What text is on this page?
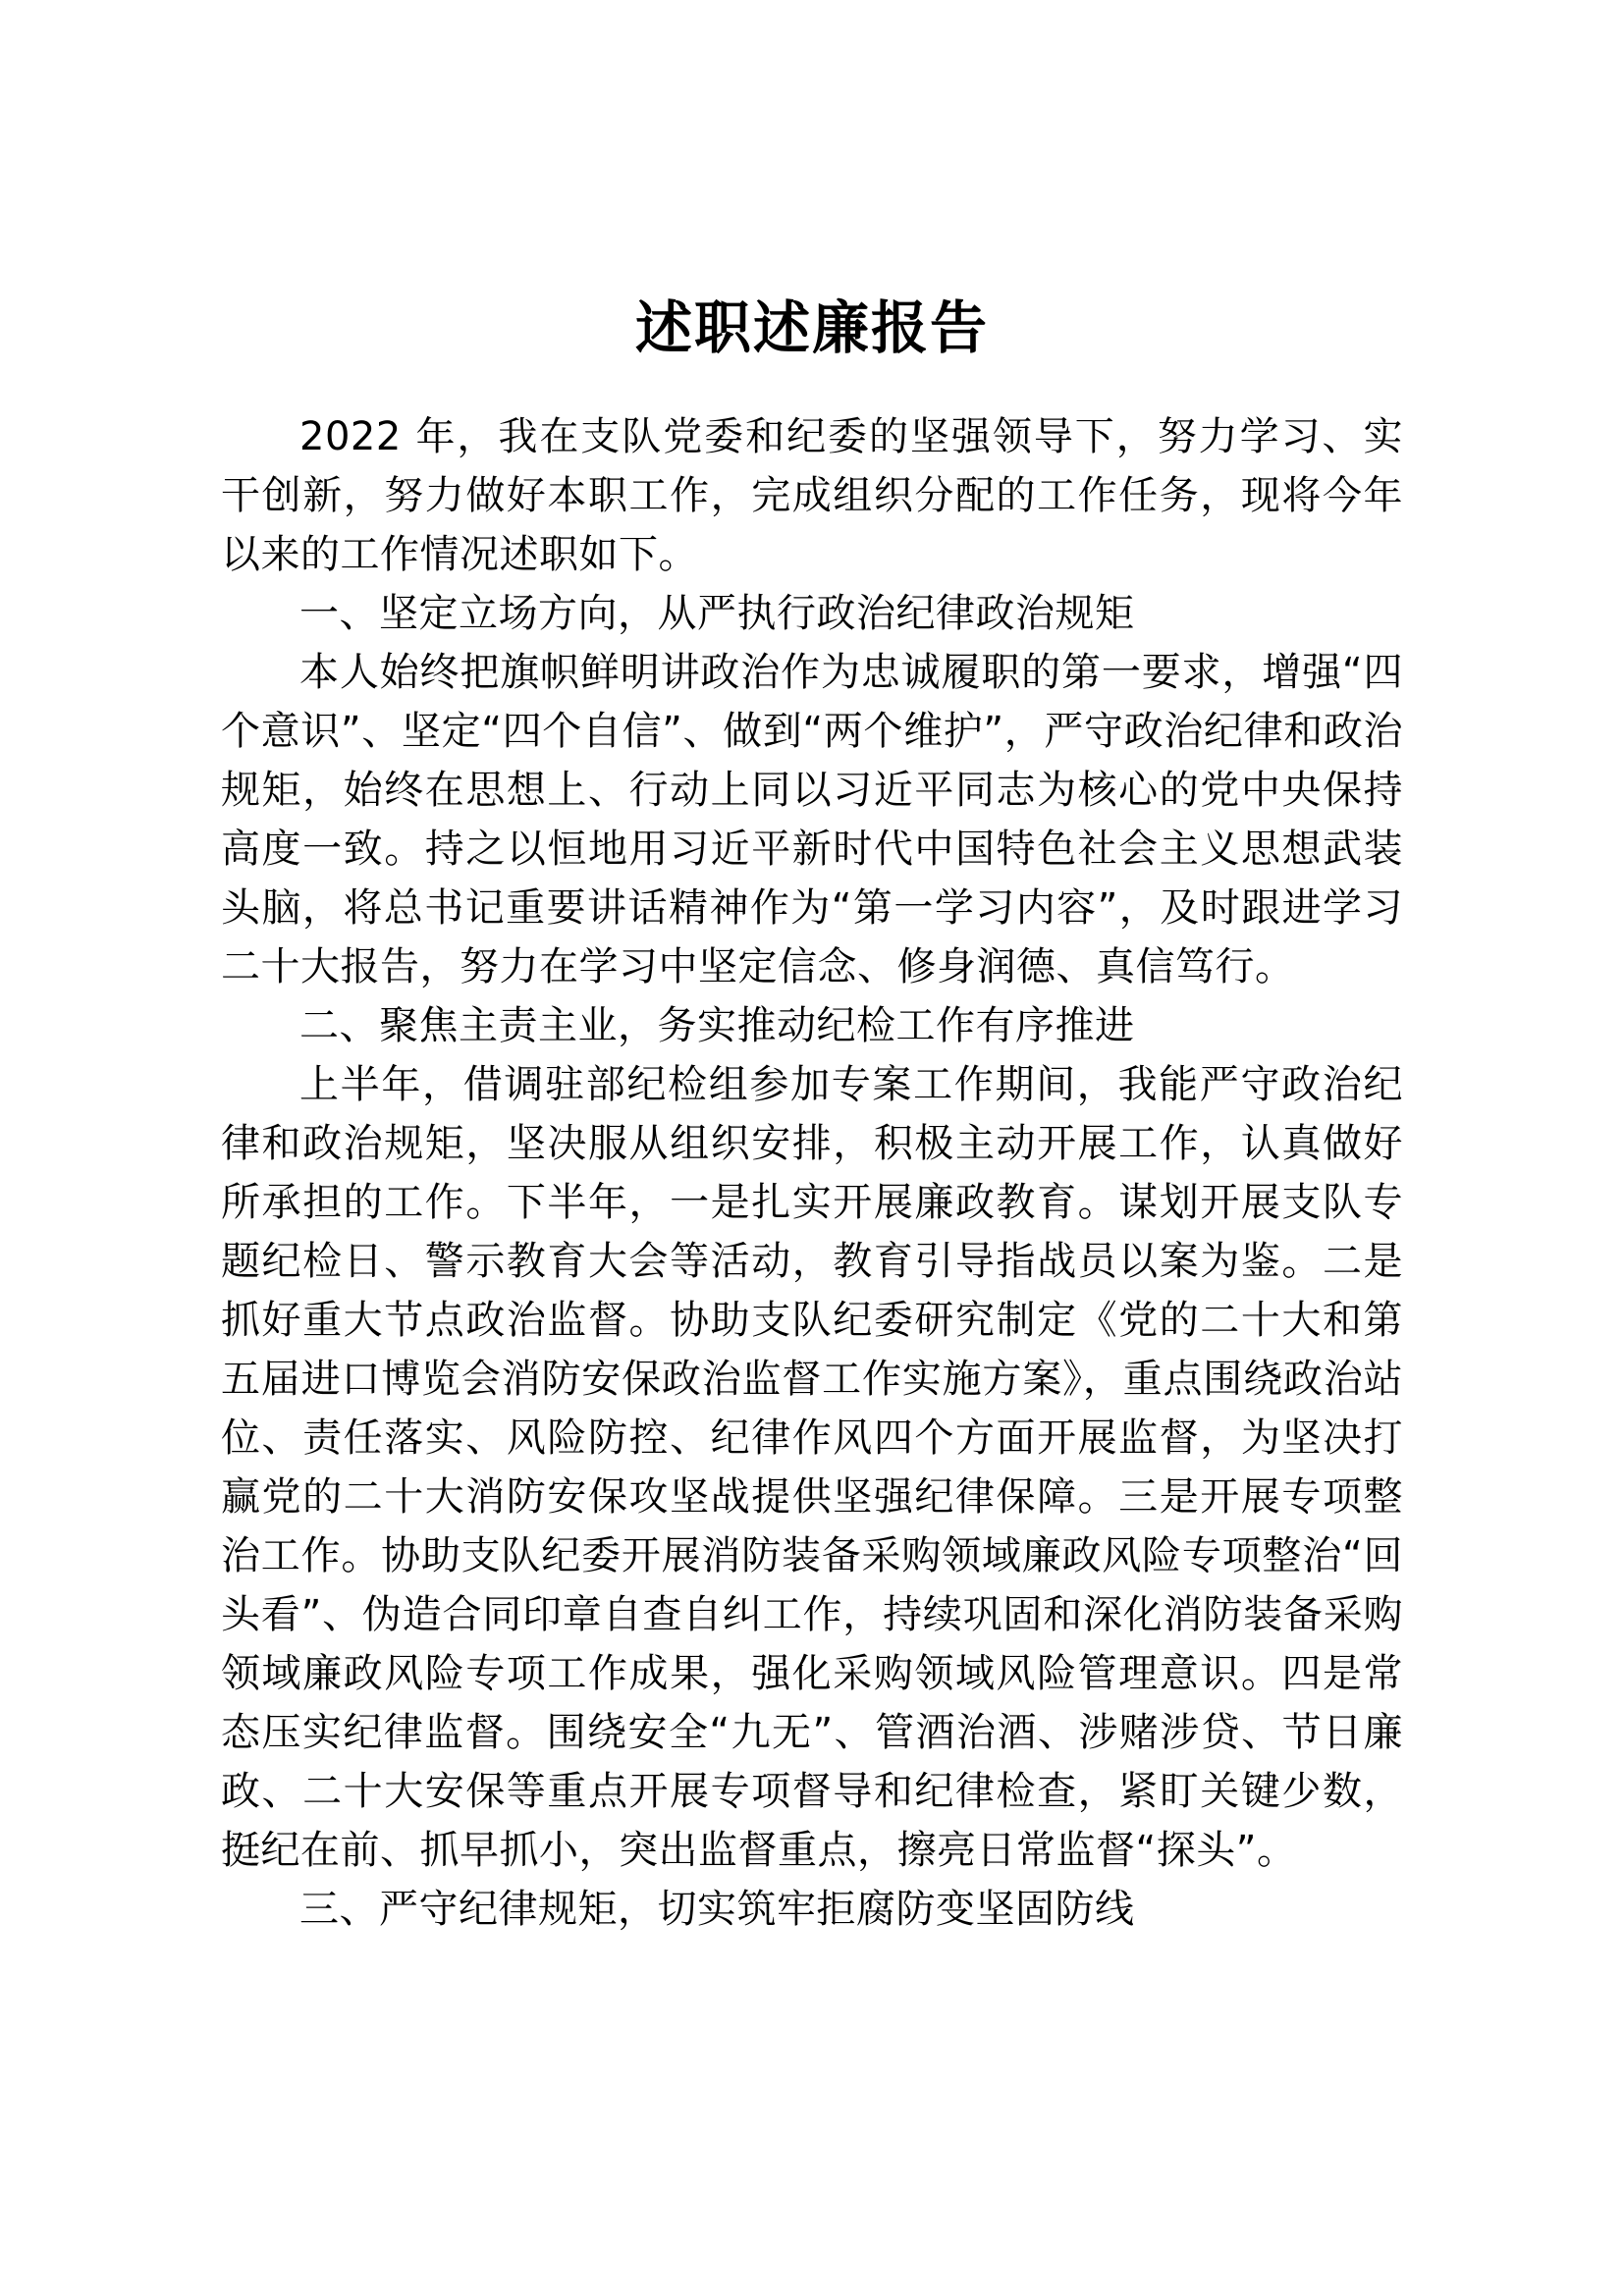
述职述廉报告

2022 年，我在支队党委和纪委的坚强领导下，努力学习、实干创新，努力做好本职工作，完成组织分配的工作任务，现将今年以来的工作情况述职如下。

一、坚定立场方向，从严执行政治纪律政治规矩

本人始终把旗帜鲜明讲政治作为忠诚履职的第一要求，增强“四个意识”、坚定“四个自信”、做到“两个维护”，严守政治纪律和政治规矩，始终在思想上、行动上同以习近平同志为核心的党中央保持高度一致。持之以恒地用习近平新时代中国特色社会主义思想武装头脑，将总书记重要讲话精神作为“第一学习内容”，及时跟进学习二十大报告，努力在学习中坚定信念、修身润德、真信笃行。

二、聚焦主责主业，务实推动纪检工作有序推进

上半年，借调驻部纪检组参加专案工作期间，我能严守政治纪律和政治规矩，坚决服从组织安排，积极主动开展工作，认真做好所承担的工作。下半年，一是扎实开展廉政教育。谋划开展支队专题纪检日、警示教育大会等活动，教育引导指战员以案为鉴。二是抓好重大节点政治监督。协助支队纪委研究制定《党的二十大和第五届进口博览会消防安保政治监督工作实施方案》，重点围绕政治站位、责任落实、风险防控、纪律作风四个方面开展监督，为坚决打赢党的二十大消防安保攻坚战提供坚强纪律保障。三是开展专项整治工作。协助支队纪委开展消防装备采购领域廉政风险专项整治“回头看”、伪造合同印章自查自纠工作，持续巩固和深化消防装备采购领域廉政风险专项工作成果，强化采购领域风险管理意识。四是常态压实纪律监督。围绕安全“九无”、管酒治酒、涉赌涉贷、节日廉政、二十大安保等重点开展专项督导和纪律检查，紧盯关键少数，挺纪在前、抓早抓小，突出监督重点，擦亮日常监督“探头”。

三、严守纪律规矩，切实筑牢拒腐防变坚固防线
